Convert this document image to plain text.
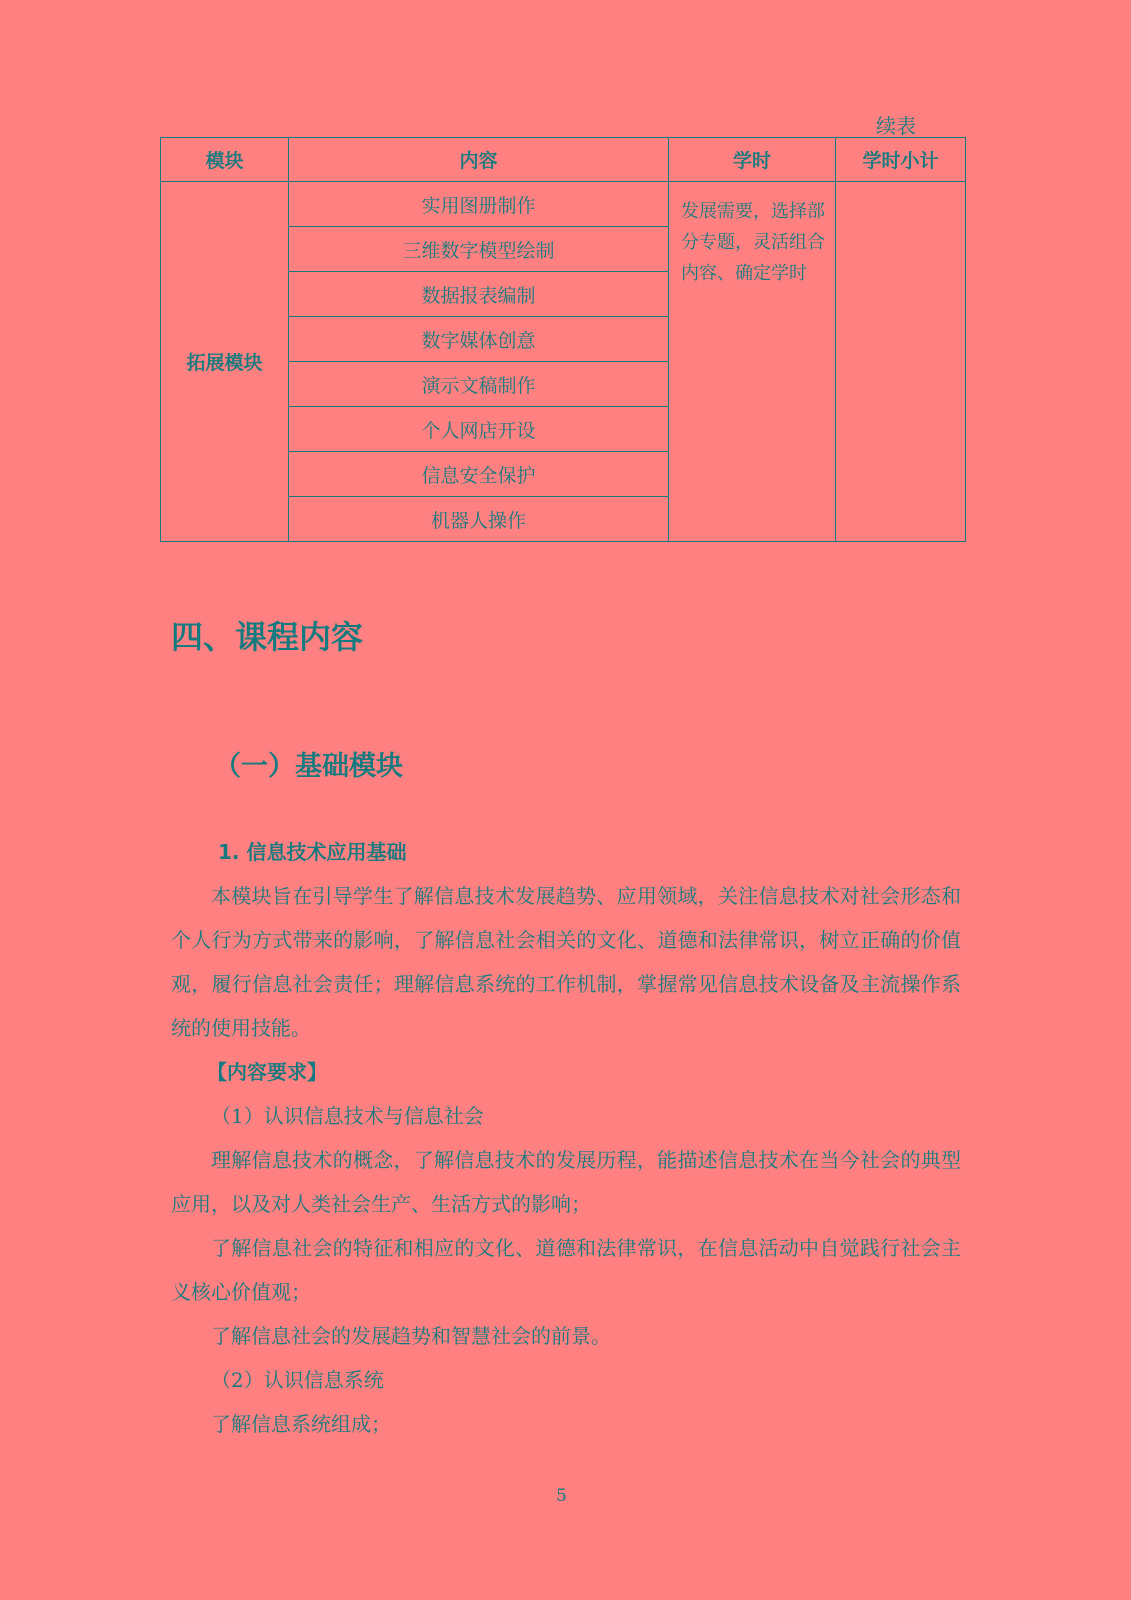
续表
模块	内容	学时	学时小计
拓展模块	实用图册制作	发展需要，选择部
分专题，灵活组合
内容、确定学时	

	三维数字模型绘制		
	数据报表编制		
	数字媒体创意		
	演示文稿制作		
	个人网店开设		
	信息安全保护		
	机器人操作		
四、课程内容
（一）基础模块
1. 信息技术应用基础

本模块旨在引导学生了解信息技术发展趋势、应用领域，关注信息技术对社会形态和个人行为方式带来的影响，了解信息社会相关的文化、道德和法律常识，树立正确的价值观，履行信息社会责任；理解信息系统的工作机制，掌握常见信息技术设备及主流操作系统的使用技能。

【内容要求】

（1）认识信息技术与信息社会

理解信息技术的概念，了解信息技术的发展历程，能描述信息技术在当今社会的典型应用，以及对人类社会生产、生活方式的影响；

了解信息社会的特征和相应的文化、道德和法律常识，在信息活动中自觉践行社会主义核心价值观；

了解信息社会的发展趋势和智慧社会的前景。

（2）认识信息系统

了解信息系统组成；

5
